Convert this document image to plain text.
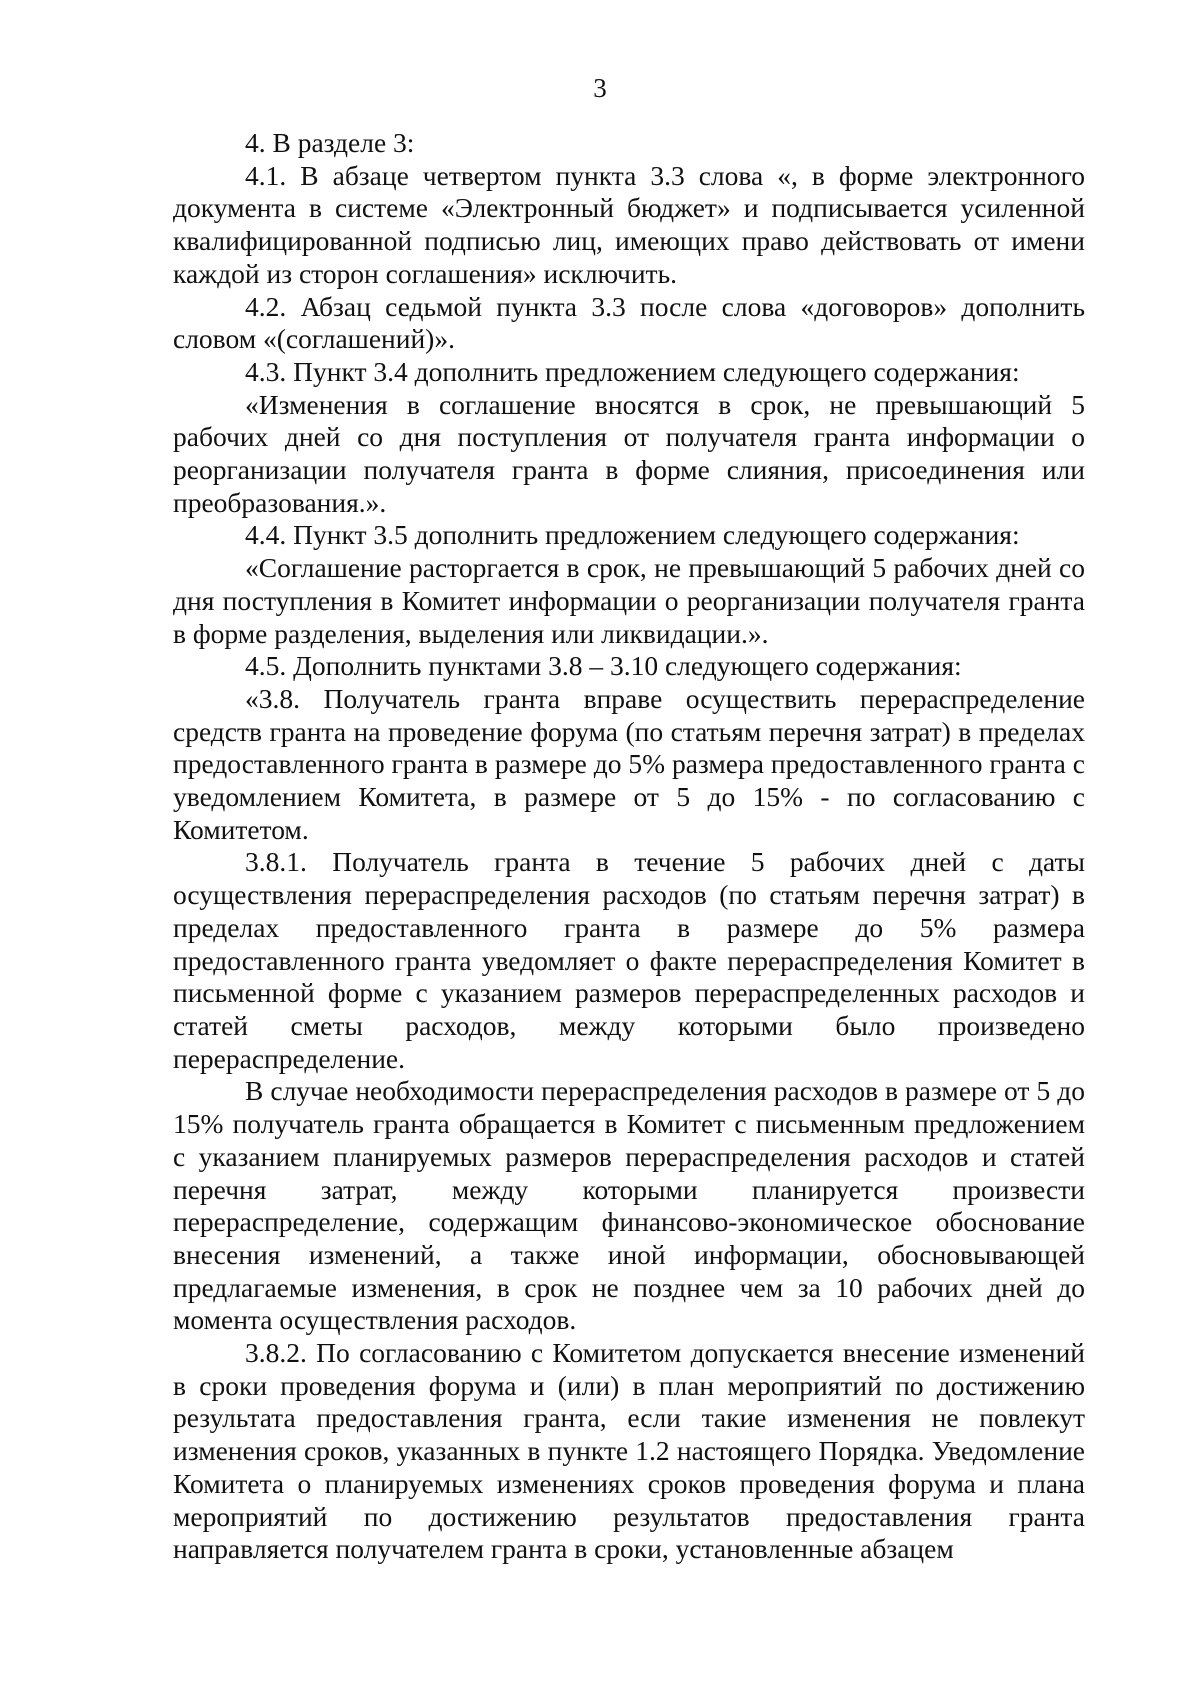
3

4. В разделе 3:

4.1. В абзаце четвертом пункта 3.3 слова «, в форме электронного документа в системе «Электронный бюджет» и подписывается усиленной квалифицированной подписью лиц, имеющих право действовать от имени каждой из сторон соглашения» исключить.

4.2. Абзац седьмой пункта 3.3 после слова «договоров» дополнить словом «(соглашений)».

4.3. Пункт 3.4 дополнить предложением следующего содержания:

«Изменения в соглашение вносятся в срок, не превышающий 5 рабочих дней со дня поступления от получателя гранта информации о реорганизации получателя гранта в форме слияния, присоединения или преобразования.».

4.4. Пункт 3.5 дополнить предложением следующего содержания:

«Соглашение расторгается в срок, не превышающий 5 рабочих дней со дня поступления в Комитет информации о реорганизации получателя гранта в форме разделения, выделения или ликвидации.».

4.5. Дополнить пунктами 3.8 – 3.10 следующего содержания:

«3.8. Получатель гранта вправе осуществить перераспределение средств гранта на проведение форума (по статьям перечня затрат) в пределах предоставленного гранта в размере до 5% размера предоставленного гранта с уведомлением Комитета, в размере от 5 до 15% - по согласованию с Комитетом.

3.8.1. Получатель гранта в течение 5 рабочих дней с даты осуществления перераспределения расходов (по статьям перечня затрат) в пределах предоставленного гранта в размере до 5% размера предоставленного гранта уведомляет о факте перераспределения Комитет в письменной форме с указанием размеров перераспределенных расходов и статей сметы расходов, между которыми было произведено перераспределение.

В случае необходимости перераспределения расходов в размере от 5 до 15% получатель гранта обращается в Комитет с письменным предложением с указанием планируемых размеров перераспределения расходов и статей перечня затрат, между которыми планируется произвести перераспределение, содержащим финансово-экономическое обоснование внесения изменений, а также иной информации, обосновывающей предлагаемые изменения, в срок не позднее чем за 10 рабочих дней до момента осуществления расходов.

3.8.2. По согласованию с Комитетом допускается внесение изменений в сроки проведения форума и (или) в план мероприятий по достижению результата предоставления гранта, если такие изменения не повлекут изменения сроков, указанных в пункте 1.2 настоящего Порядка. Уведомление Комитета о планируемых изменениях сроков проведения форума и плана мероприятий по достижению результатов предоставления гранта направляется получателем гранта в сроки, установленные абзацем
